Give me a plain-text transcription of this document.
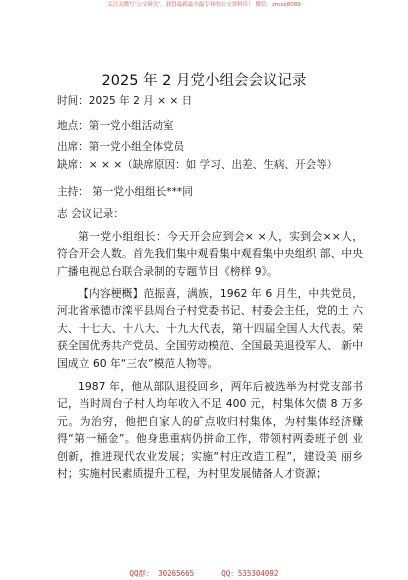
关注关微号‘公文研究’，获得最新最全最专业的公文资料库！ 微信：zmxx8089
2025 年 2 月党小组会会议记录
时间：2025 年 2 月 × × 日
地点：第一党小组活动室
出席：第一党小组全体党员
缺席：× × ×（缺席原因：如 学习、出差、生病、开会等）
主持： 第一党小组组长***同
志 会议记录：

第一党小组组长：今天开会应到会× ×人，实到会××人，符合开会人数。首先我们集中观看集中观看集中央组织 部、中央广播电视总台联合录制的专题节目《榜样 9》。

【内容梗概】范振喜，满族，1962 年 6 月生，中共党员，河北省承德市滦平县周台子村党委书记、村委会主任，党的土 六大、十七大、十八大、十九大代表，第十四届全国人大代表。荣获全国优秀共产党员、全国劳动模范、全国最美退役军人、 新中国成立 60 年“三农”模范人物等。

1987 年，他从部队退役回乡，两年后被选举为村党支部书记，当时周台子村人均年收入不足 400 元，村集体欠债 8 万多 元。为治穷，他把自家人的矿点收归村集体，为村集体经济赚 得“第一桶金”。他身患重病仍拼命工作，带领村两委班子创 业创新，推进现代农业发展；实施“村庄改造工程”，建设美 丽乡村；实施村民素质提升工程，为村里发展储备人才资源；

QQ群： 30265665      QQ：535304092
